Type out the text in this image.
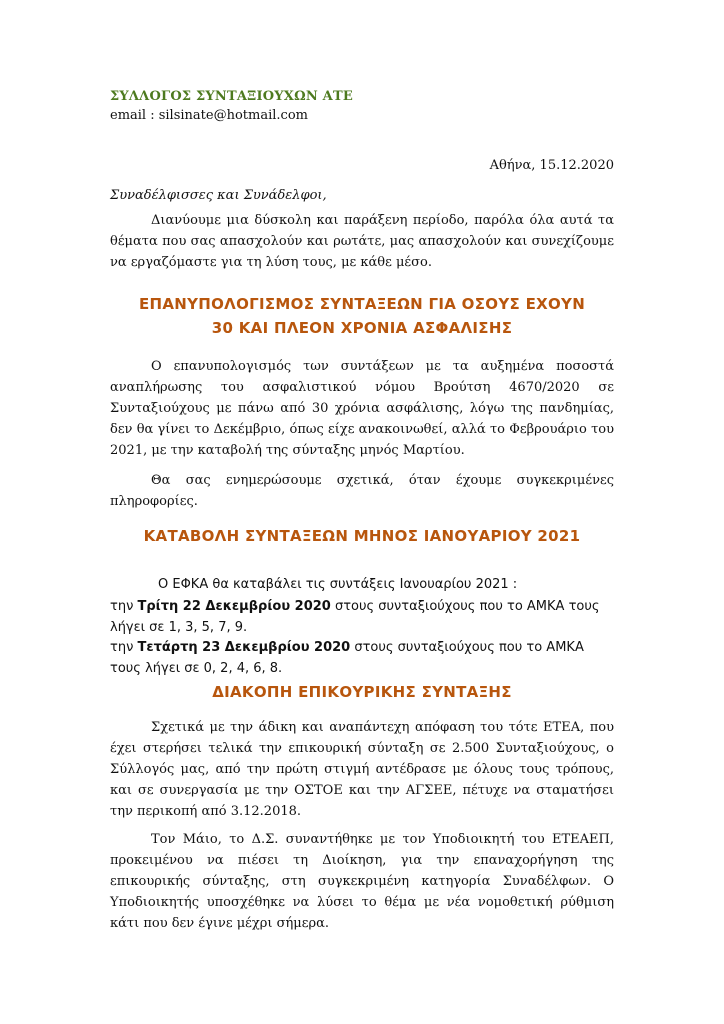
ΣΥΛΛΟΓΟΣ ΣΥΝΤΑΞΙΟΥΧΩΝ ΑΤΕ
email : silsinate@hotmail.com
Αθήνα, 15.12.2020
Συναδέλφισσες και Συνάδελφοι,
Διανύουμε μια δύσκολη και παράξενη περίοδο, παρόλα όλα αυτά τα θέματα που σας απασχολούν και ρωτάτε, μας απασχολούν και συνεχίζουμε να εργαζόμαστε για τη λύση τους, με κάθε μέσο.
ΕΠΑΝΥΠΟΛΟΓΙΣΜΟΣ ΣΥΝΤΑΞΕΩΝ ΓΙΑ ΟΣΟΥΣ ΕΧΟΥΝ
30 ΚΑΙ ΠΛΕΟΝ ΧΡΟΝΙΑ ΑΣΦΑΛΙΣΗΣ
Ο επανυπολογισμός των συντάξεων με τα αυξημένα ποσοστά αναπλήρωσης του ασφαλιστικού νόμου Βρούτση 4670/2020 σε Συνταξιούχους με πάνω από 30 χρόνια ασφάλισης, λόγω της πανδημίας, δεν θα γίνει το Δεκέμβριο, όπως είχε ανακοινωθεί, αλλά το Φεβρουάριο του 2021, με την καταβολή της σύνταξης μηνός Μαρτίου.
Θα σας ενημερώσουμε σχετικά, όταν έχουμε συγκεκριμένες πληροφορίες.
ΚΑΤΑΒΟΛΗ ΣΥΝΤΑΞΕΩΝ ΜΗΝΟΣ ΙΑΝΟΥΑΡΙΟΥ 2021
Ο ΕΦΚΑ θα καταβάλει τις συντάξεις Ιανουαρίου 2021 :
την Τρίτη 22 Δεκεμβρίου 2020 στους συνταξιούχους που το ΑΜΚΑ τους λήγει σε 1, 3, 5, 7, 9.
την Τετάρτη 23 Δεκεμβρίου 2020 στους συνταξιούχους που το ΑΜΚΑ τους λήγει σε 0, 2, 4, 6, 8.
ΔΙΑΚΟΠΗ ΕΠΙΚΟΥΡΙΚΗΣ ΣΥΝΤΑΞΗΣ
Σχετικά με την άδικη και αναπάντεχη απόφαση του τότε ΕΤΕΑ, που έχει στερήσει τελικά την επικουρική σύνταξη σε 2.500 Συνταξιούχους, ο Σύλλογός μας, από την πρώτη στιγμή αντέδρασε με όλους τους τρόπους, και σε συνεργασία με την ΟΣΤΟΕ και την ΑΓΣΕΕ, πέτυχε να σταματήσει την περικοπή από 3.12.2018.
Τον Μάιο, το Δ.Σ. συναντήθηκε με τον Υποδιοικητή του ΕΤΕΑΕΠ, προκειμένου να πιέσει τη Διοίκηση, για την επαναχορήγηση της επικουρικής σύνταξης, στη συγκεκριμένη κατηγορία Συναδέλφων. Ο Υποδιοικητής υποσχέθηκε να λύσει το θέμα με νέα νομοθετική ρύθμιση κάτι που δεν έγινε μέχρι σήμερα.
